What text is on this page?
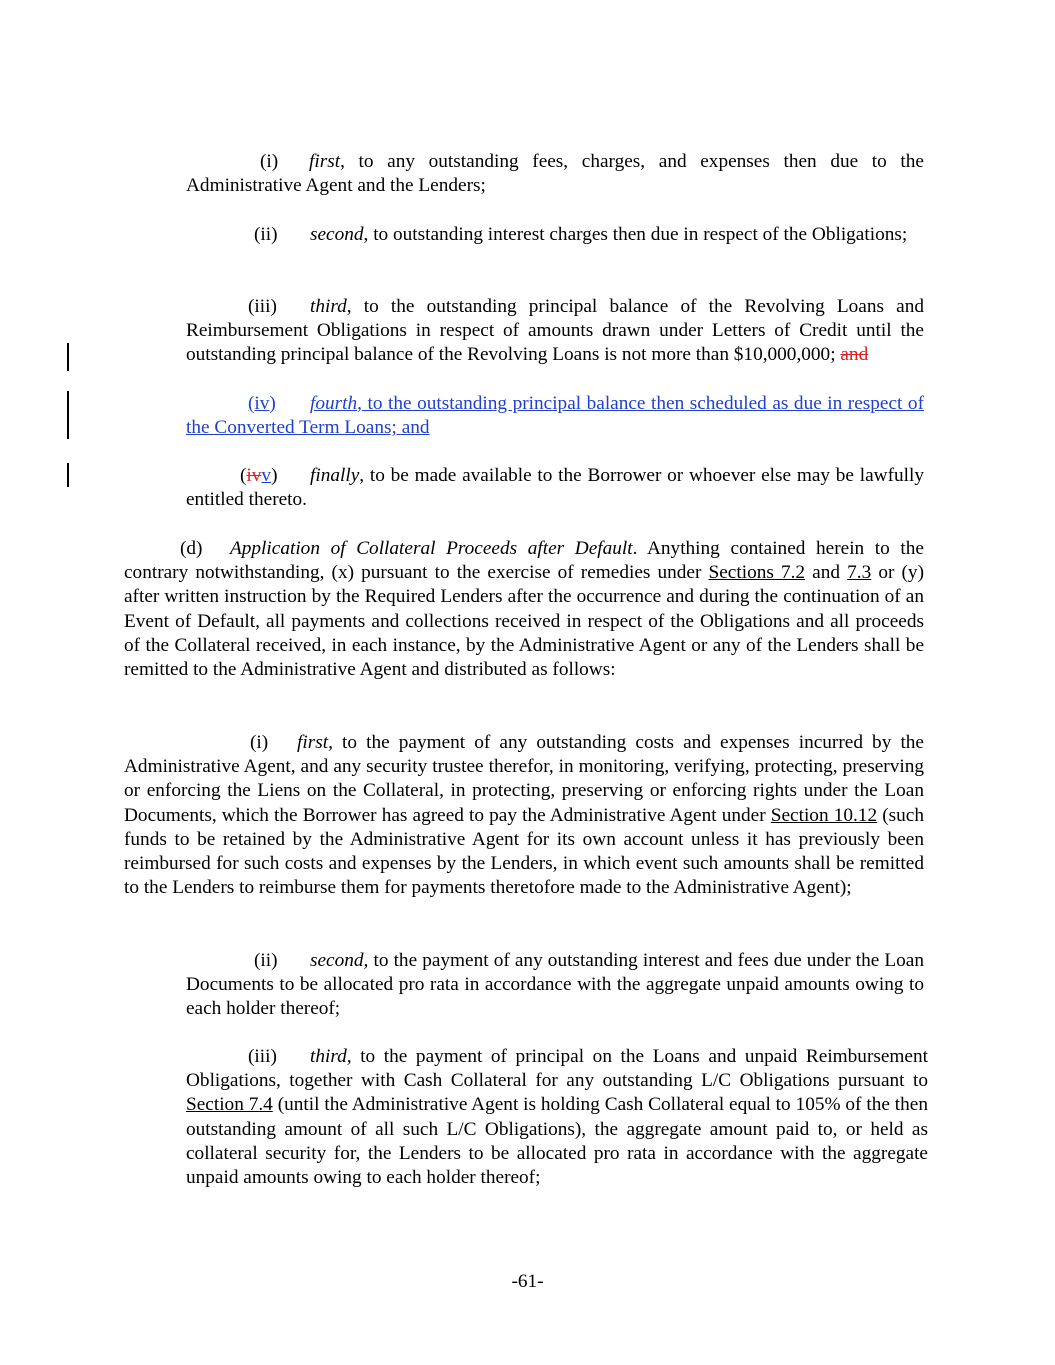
(i) first, to any outstanding fees, charges, and expenses then due to the Administrative Agent and the Lenders;

(ii) second, to outstanding interest charges then due in respect of the Obligations;

(iii) third, to the outstanding principal balance of the Revolving Loans and Reimbursement Obligations in respect of amounts drawn under Letters of Credit until the outstanding principal balance of the Revolving Loans is not more than $10,000,000; and

(iv) fourth, to the outstanding principal balance then scheduled as due in respect of the Converted Term Loans; and

(ivv) finally, to be made available to the Borrower or whoever else may be lawfully entitled thereto.

(d) Application of Collateral Proceeds after Default. Anything contained herein to the contrary notwithstanding, (x) pursuant to the exercise of remedies under Sections 7.2 and 7.3 or (y) after written instruction by the Required Lenders after the occurrence and during the continuation of an Event of Default, all payments and collections received in respect of the Obligations and all proceeds of the Collateral received, in each instance, by the Administrative Agent or any of the Lenders shall be remitted to the Administrative Agent and distributed as follows:

(i) first, to the payment of any outstanding costs and expenses incurred by the Administrative Agent, and any security trustee therefor, in monitoring, verifying, protecting, preserving or enforcing the Liens on the Collateral, in protecting, preserving or enforcing rights under the Loan Documents, which the Borrower has agreed to pay the Administrative Agent under Section 10.12 (such funds to be retained by the Administrative Agent for its own account unless it has previously been reimbursed for such costs and expenses by the Lenders, in which event such amounts shall be remitted to the Lenders to reimburse them for payments theretofore made to the Administrative Agent);

(ii) second, to the payment of any outstanding interest and fees due under the Loan Documents to be allocated pro rata in accordance with the aggregate unpaid amounts owing to each holder thereof;

(iii) third, to the payment of principal on the Loans and unpaid Reimbursement Obligations, together with Cash Collateral for any outstanding L/C Obligations pursuant to Section 7.4 (until the Administrative Agent is holding Cash Collateral equal to 105% of the then outstanding amount of all such L/C Obligations), the aggregate amount paid to, or held as collateral security for, the Lenders to be allocated pro rata in accordance with the aggregate unpaid amounts owing to each holder thereof;

-61-
